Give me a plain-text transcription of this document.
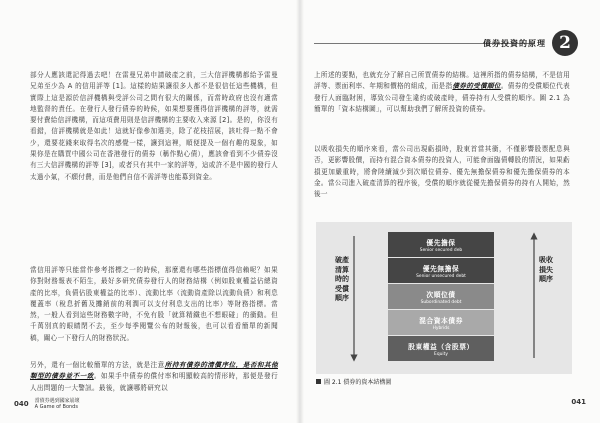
部分人應該還記得過去吧！在雷曼兄弟申請破產之前，三大信評機構都給予雷曼兄弟至少為 A 的信用評等 [1]。這樣的結果讓很多人都不是很信任這些機構，但實際上這是源於信評機構與受評公司之間有很大的關係，而當時政府也沒有適當地監督的責任。在發行人發行債券的時候，如果想要獲得信評機構的評等，就需要付費給信評機構，而這項費用則是信評機構的主要收入來源 [2]。是的，你沒有看錯，信評機構就是如此！這就好像參加選美，除了花枝招展，該吐得一點不會少，還要花錢來取得名次的感覺一樣，讓到這裡，順便提及一個有趣的現象，如果你是在購買中國公司在香港發行的債券（稱作點心債），應該會看到不少債券沒有三大信評機構的評等 [3]，或者只有其中一家的評等，這或許不是中國的發行人太過小氣，不願付費，而是他們自信不需評等也能募到資金。
當信用評等只能當作參考指標之一的時候，那麼還有哪些指標值得信賴呢？如果你對財務報表不陌生，最好多研究債券發行人的財務結構（例如股東權益佔總資產的比率，負債佔股東權益的比率）、流動比率（流動資產除以流動負債）和利息覆蓋率（稅息折舊及攤銷前的利潤可以支付利息支出的比率）等財務指標。當然，一般人看到這些財務數字時，不免有股「就算精鐵也不想眼碰」的衝動。但千萬別真的眼睛閉不去，至少每季閱覽公布的財報後，也可以看看簡單的新聞稿，關心一下發行人的財務狀況。
另外，還有一個比較簡單的方法，就是注意所持有債券的清償序位，是否和其他類型的債券並不一致。如果手中債券的償付率和明顯較高的情形時，那便是發行人出問題的一大警訊。最後，就讓哪將研究以
040 當債券遇到國家崩壞
A Game of Bonds
債券投資的原理 2
上所述的要點，也就充分了解自己所買債券的結構。這裡所指的債券結構，不是信用評等、票面利率、年期和價格的組成，而是指債券的受償順位。債券的受償順位代表發行人面臨財困，導致公司發生違約或破產時，債券持有人受償的順序。圖 2.1 為簡單的「資本結構圖」，可以幫助我們了解所投資的債券。
以吸收損失的順序來看，當公司出現虧損時，股東首當其衝，不僅影響股票配息與否，更影響股價，而持有混合資本債券的投資人，可能會面臨債轉股的情況，如果虧損更加嚴重時，將會陸續減少到次順位債券、優先無擔保債券和優先擔保債券的本金。當公司進入破產清算的程序後，受償的順序就從優先擔保債券的持有人開始，然後一
破產清算時的受償順序
吸收損失順序
優先擔保
Senior secured deb
優先無擔保
Senior unsecured debt
次順位債
Subordinated debt
混合資本債券
Hybrids
股東權益（含股票）
Equity
圖 2.1 債券的資本結構圖
041
